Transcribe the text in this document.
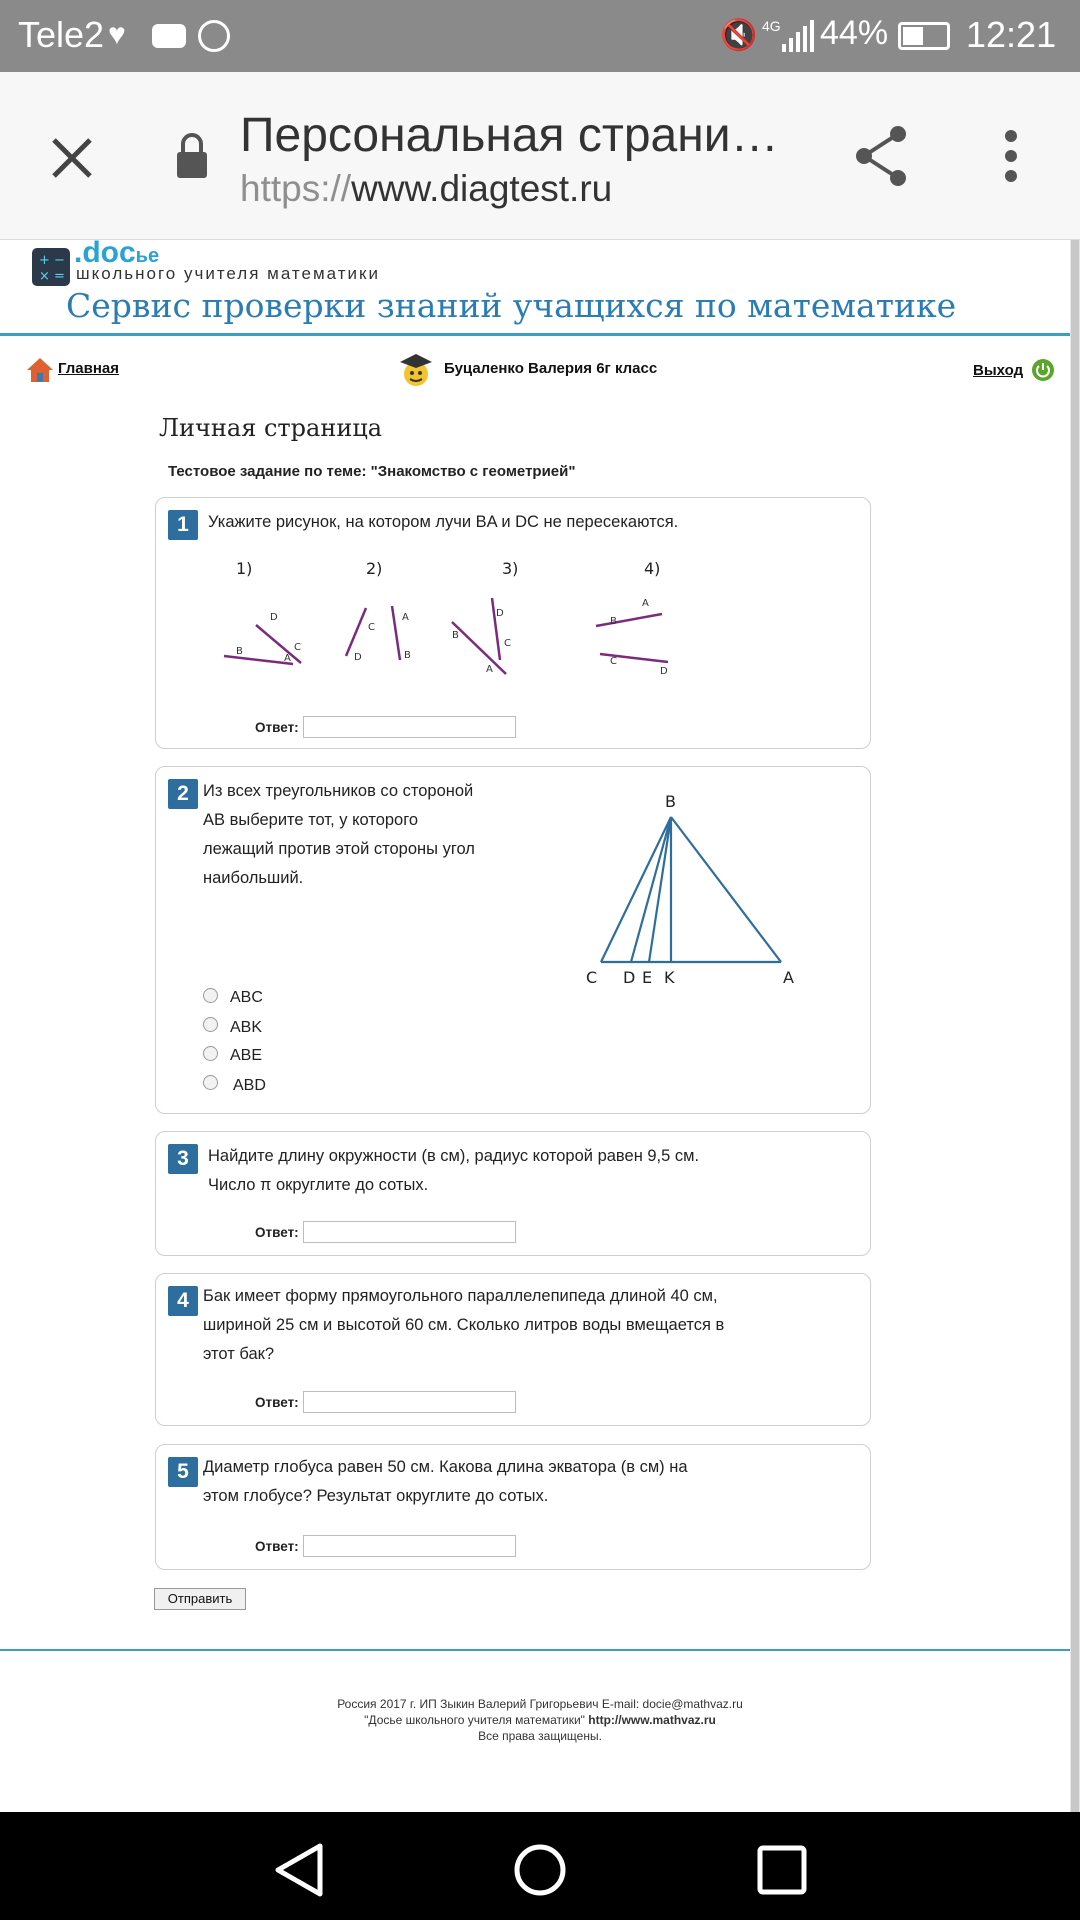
Tele2 ♥	🔇 4G 44% 12:21
Персональная страни…
https://www.diagtest.ru
+ −
× =
.docье
школьного учителя математики
Сервис проверки знаний учащихся по математике
Главная	Буцаленко Валерия 6г класс	Выход
Личная страница
Тестовое задание по теме: "Знакомство с геометрией"
1	Укажите рисунок, на котором лучи BA и DC не пересекаются.
1)	2)	3)	4)
D
C
B
A
C
D
A
B
D
C
B
A
A
B
C
D
Ответ:
2 Из всех треугольников со стороной
AB выберите тот, у которого
лежащий против этой стороны угол
наибольший.
B
C D E K	A
ABC
ABK
ABE
ABD
3	Найдите длину окружности (в см), радиус которой равен 9,5 см.
Число π округлите до сотых.
Ответ:
4 Бак имеет форму прямоугольного параллелепипеда длиной 40 см,
шириной 25 см и высотой 60 см. Сколько литров воды вмещается в
этот бак?
Ответ:
5 Диаметр глобуса равен 50 см. Какова длина экватора (в см) на
этом глобусе? Результат округлите до сотых.
Ответ:
Отправить
Россия 2017 г. ИП Зыкин Валерий Григорьевич E-mail: docie@mathvaz.ru
"Досье школьного учителя математики" http://www.mathvaz.ru
Все права защищены.
